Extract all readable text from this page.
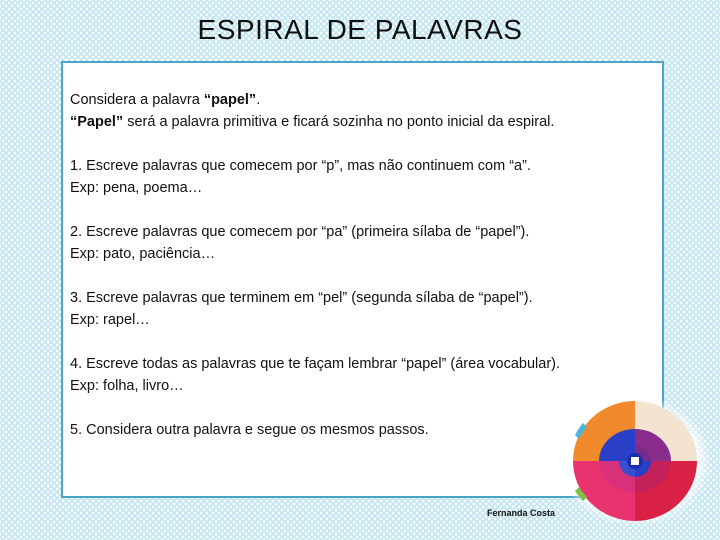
ESPIRAL DE PALAVRAS
Considera a palavra “papel”.
“Papel” será a palavra primitiva e ficará sozinha no ponto inicial da espiral.
1. Escreve palavras que comecem por “p”, mas não continuem com “a”.
Exp: pena, poema…
2. Escreve palavras que comecem por “pa” (primeira sílaba de “papel”).
Exp: pato, paciência…
3. Escreve palavras que terminem em “pel” (segunda sílaba de “papel”).
Exp: rapel…
4. Escreve todas as palavras que te façam lembrar “papel” (área vocabular).
Exp: folha, livro…
5. Considera outra palavra e segue os mesmos passos.
Fernanda Costa
